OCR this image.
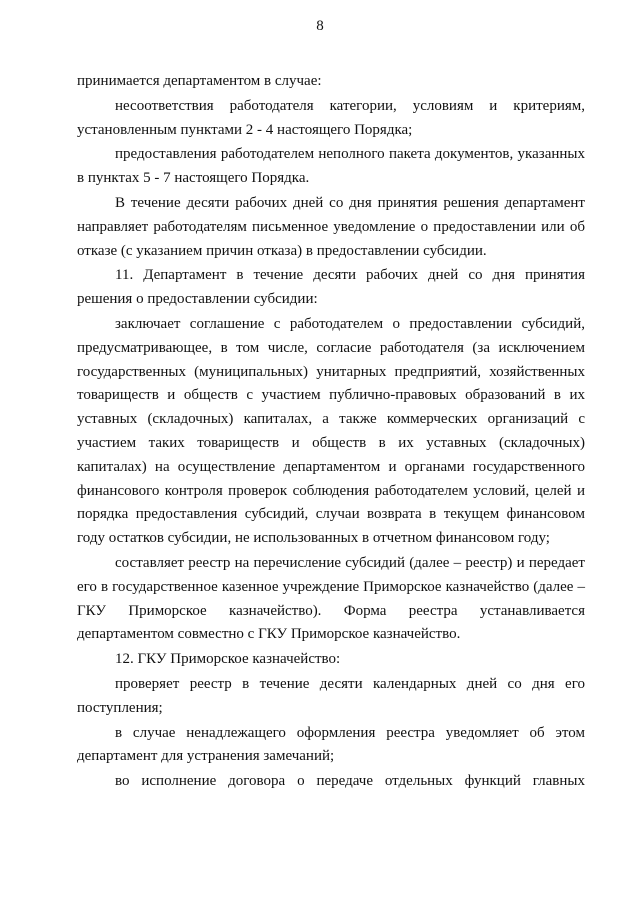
8

принимается департаментом в случае:

несоответствия работодателя категории, условиям и критериям, установленным пунктами 2 - 4 настоящего Порядка;

предоставления работодателем неполного пакета документов, указанных в пунктах 5 - 7 настоящего Порядка.

В течение десяти рабочих дней со дня принятия решения департамент направляет работодателям письменное уведомление о предоставлении или об отказе (с указанием причин отказа) в предоставлении субсидии.

11. Департамент в течение десяти рабочих дней со дня принятия решения о предоставлении субсидии:

заключает соглашение с работодателем о предоставлении субсидий, предусматривающее, в том числе, согласие работодателя (за исключением государственных (муниципальных) унитарных предприятий, хозяйственных товариществ и обществ с участием публично-правовых образований в их уставных (складочных) капиталах, а также коммерческих организаций с участием таких товариществ и обществ в их уставных (складочных) капиталах) на осуществление департаментом и органами государственного финансового контроля проверок соблюдения работодателем условий, целей и порядка предоставления субсидий, случаи возврата в текущем финансовом году остатков субсидии, не использованных в отчетном финансовом году;

составляет реестр на перечисление субсидий (далее – реестр) и передает его в государственное казенное учреждение Приморское казначейство (далее – ГКУ Приморское казначейство). Форма реестра устанавливается департаментом совместно с ГКУ Приморское казначейство.

12. ГКУ Приморское казначейство:

проверяет реестр в течение десяти календарных дней со дня его поступления;

в случае ненадлежащего оформления реестра уведомляет об этом департамент для устранения замечаний;

во исполнение договора о передаче отдельных функций главных
